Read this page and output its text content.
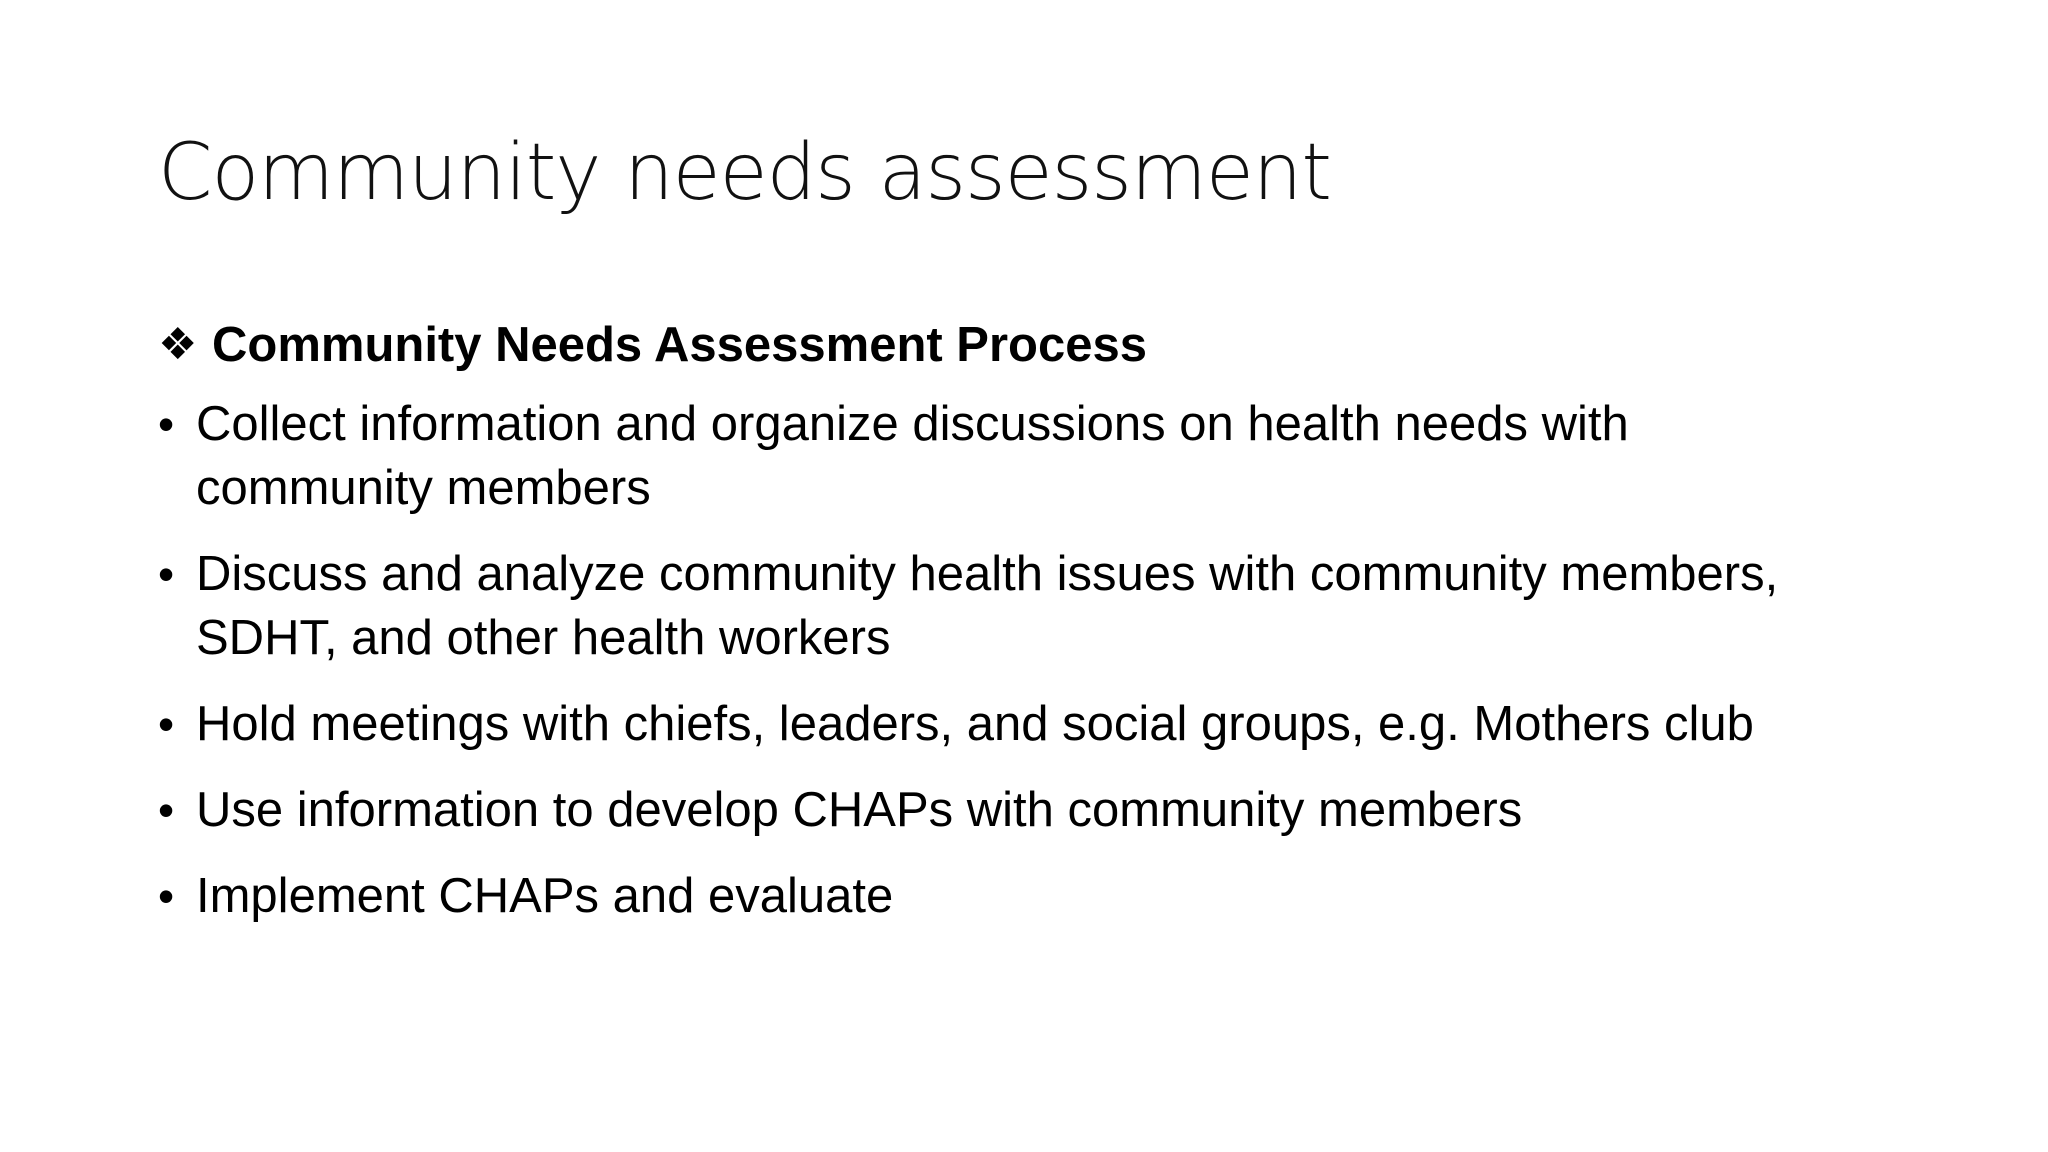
Community needs assessment
❖ Community Needs Assessment Process
• Collect information and organize discussions on health needs with community members
• Discuss and analyze community health issues with community members, SDHT, and other health workers
• Hold meetings with chiefs, leaders, and social groups, e.g. Mothers club
• Use information to develop CHAPs with community members
• Implement CHAPs and evaluate
